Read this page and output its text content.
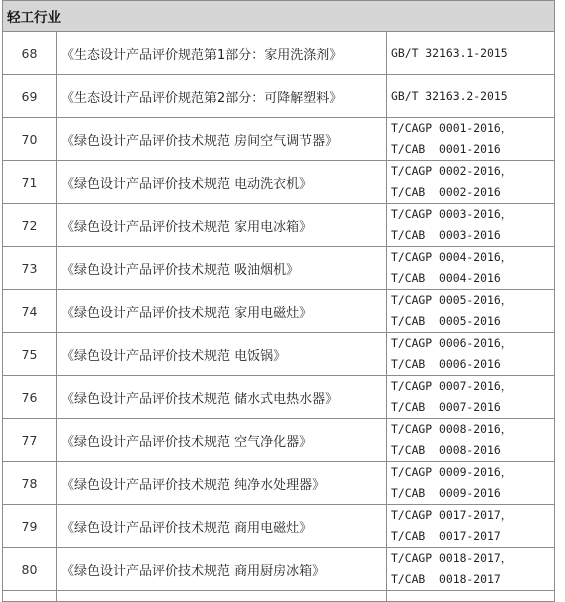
轻工行业		
68	《生态设计产品评价规范第1部分：家用洗涤剂》	GB/T 32163.1-2015
69	《生态设计产品评价规范第2部分：可降解塑料》	GB/T 32163.2-2015
70	《绿色设计产品评价技术规范 房间空气调节器》	T/CAGP 0001-2016，
T/CAB  0001-2016
71	《绿色设计产品评价技术规范 电动洗衣机》	T/CAGP 0002-2016，
T/CAB  0002-2016
72	《绿色设计产品评价技术规范 家用电冰箱》	T/CAGP 0003-2016，
T/CAB  0003-2016
73	《绿色设计产品评价技术规范 吸油烟机》	T/CAGP 0004-2016，
T/CAB  0004-2016
74	《绿色设计产品评价技术规范 家用电磁灶》	T/CAGP 0005-2016，
T/CAB  0005-2016
75	《绿色设计产品评价技术规范 电饭锅》	T/CAGP 0006-2016，
T/CAB  0006-2016
76	《绿色设计产品评价技术规范 储水式电热水器》	T/CAGP 0007-2016，
T/CAB  0007-2016
77	《绿色设计产品评价技术规范 空气净化器》	T/CAGP 0008-2016，
T/CAB  0008-2016
78	《绿色设计产品评价技术规范 纯净水处理器》	T/CAGP 0009-2016，
T/CAB  0009-2016
79	《绿色设计产品评价技术规范 商用电磁灶》	T/CAGP 0017-2017，
T/CAB  0017-2017
80	《绿色设计产品评价技术规范 商用厨房冰箱》	T/CAGP 0018-2017，
T/CAB  0018-2017
